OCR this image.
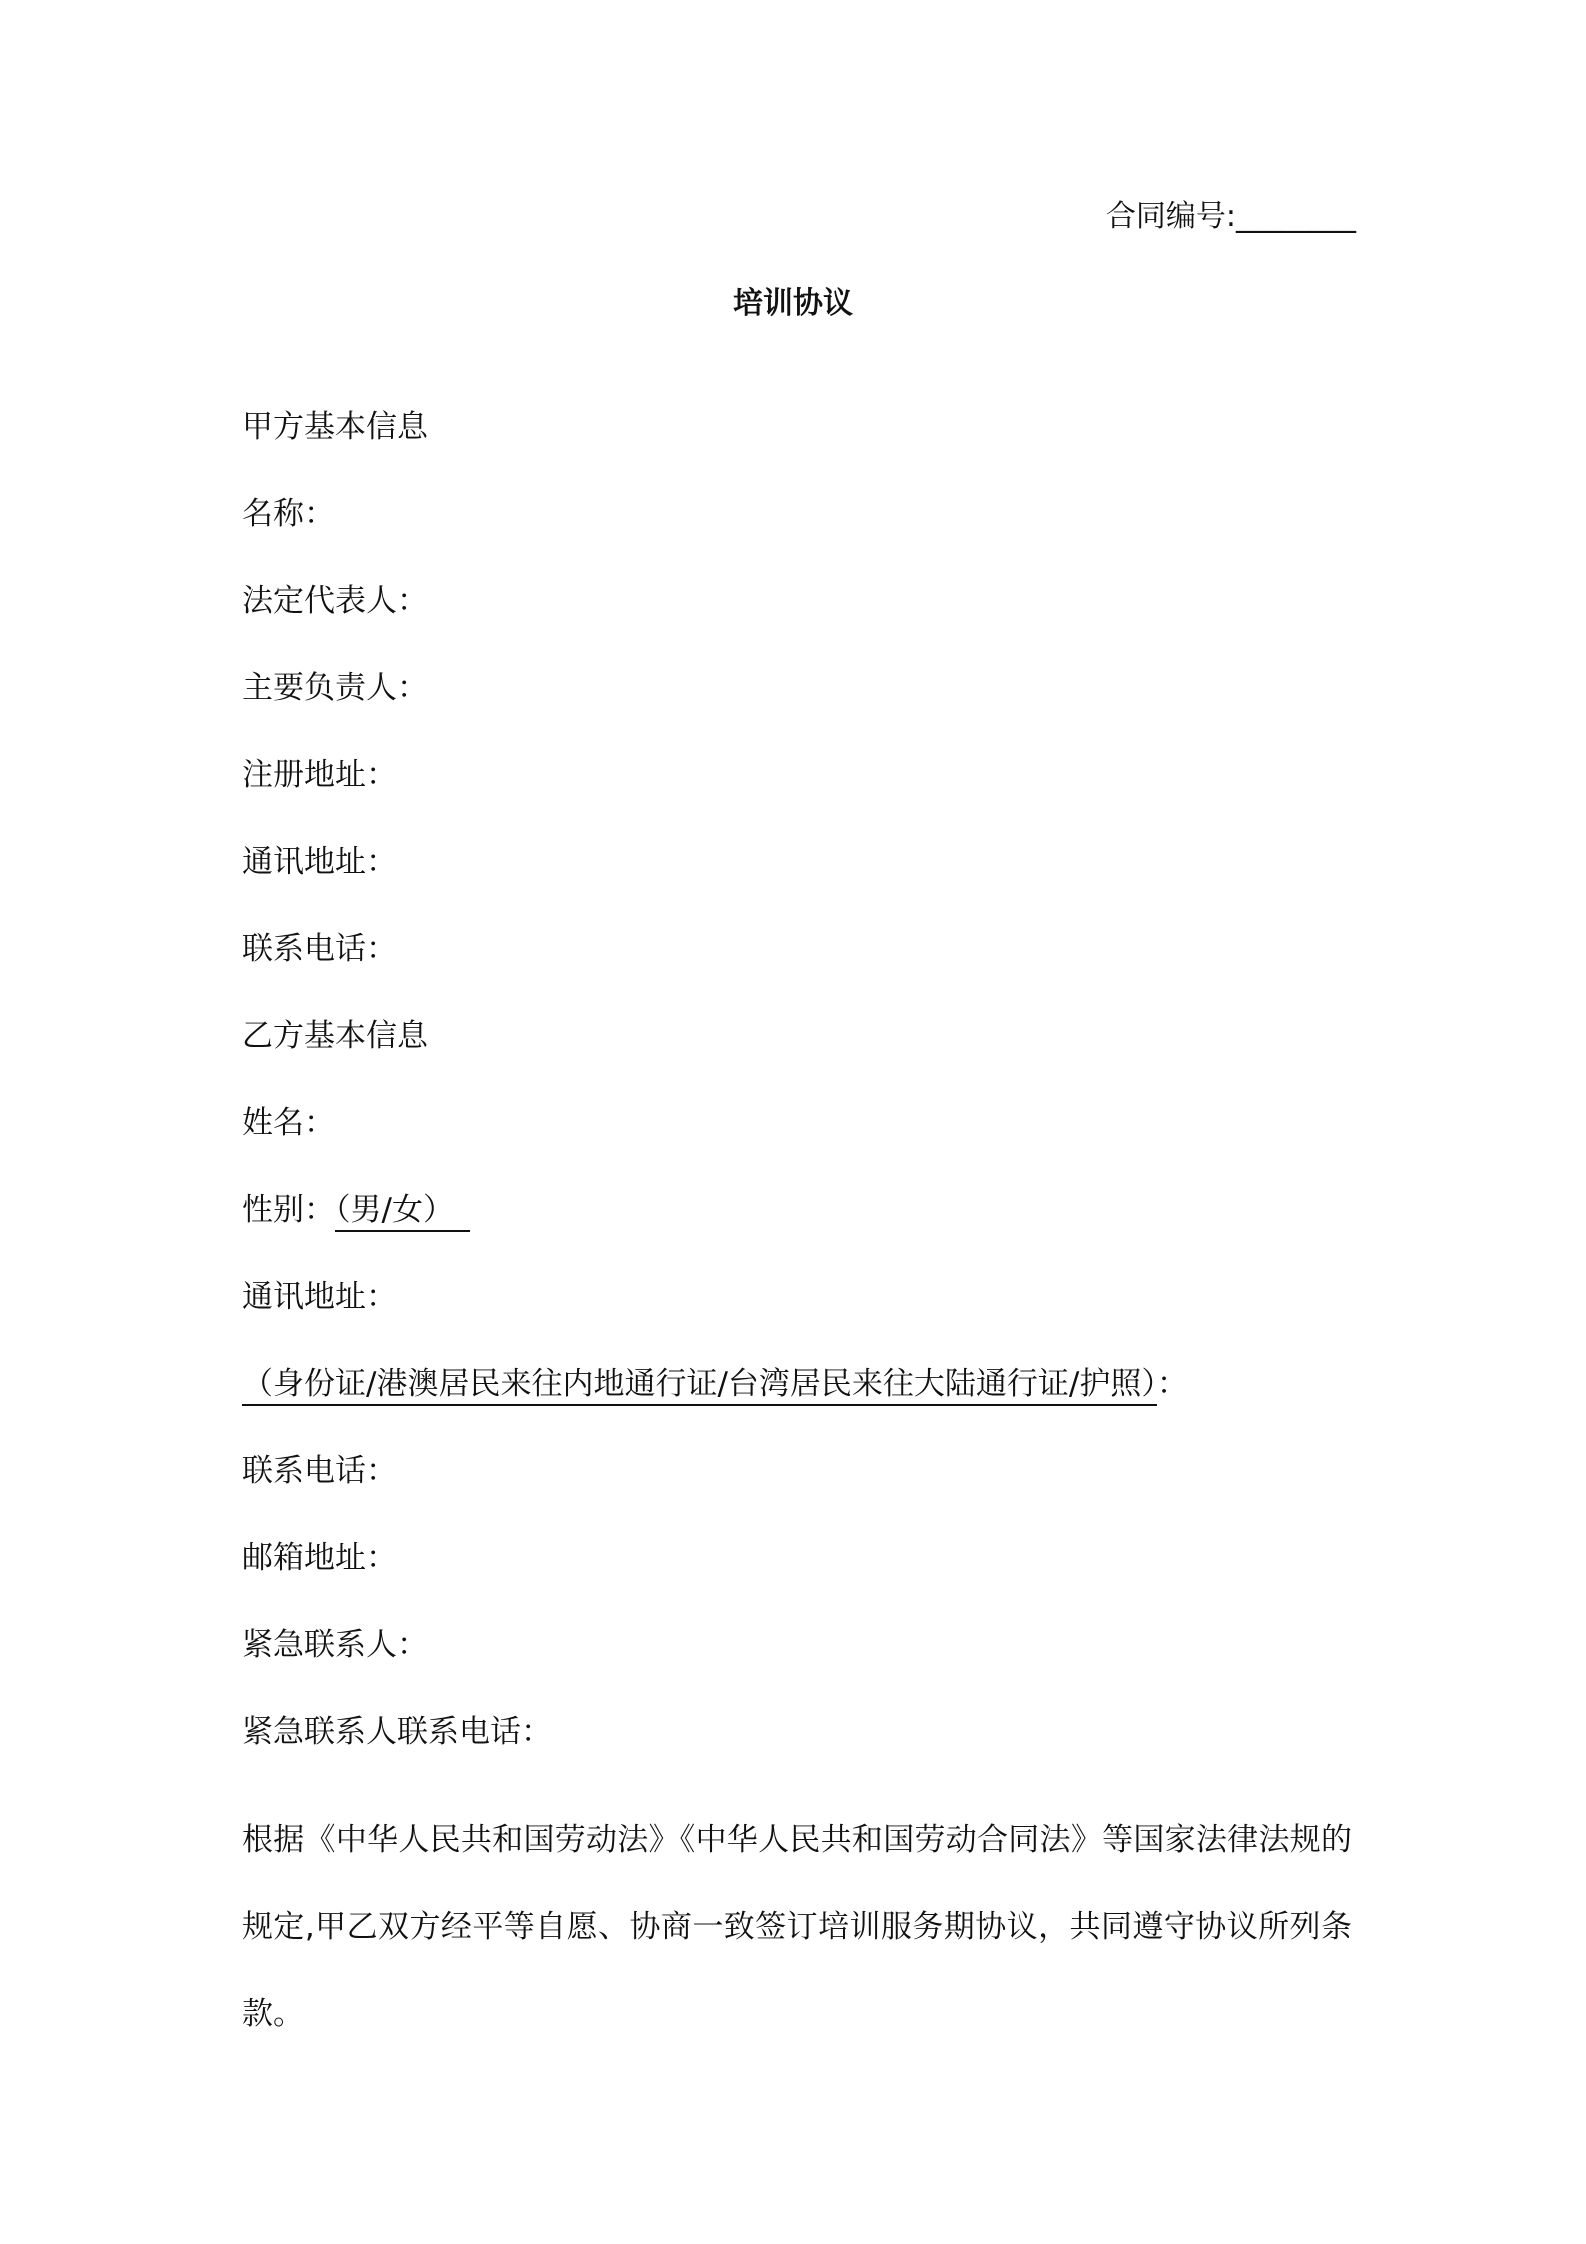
合同编号:________
培训协议
甲方基本信息
名称：
法定代表人：
主要负责人：
注册地址：
通讯地址：
联系电话：
乙方基本信息
姓名：
性别：（男/女）
通讯地址：
（身份证/港澳居民来往内地通行证/台湾居民来往大陆通行证/护照）：
联系电话：
邮箱地址：
紧急联系人：
紧急联系人联系电话：
根据《中华人民共和国劳动法》《中华人民共和国劳动合同法》等国家法律法规的规定,甲乙双方经平等自愿、协商一致签订培训服务期协议，共同遵守协议所列条款。
